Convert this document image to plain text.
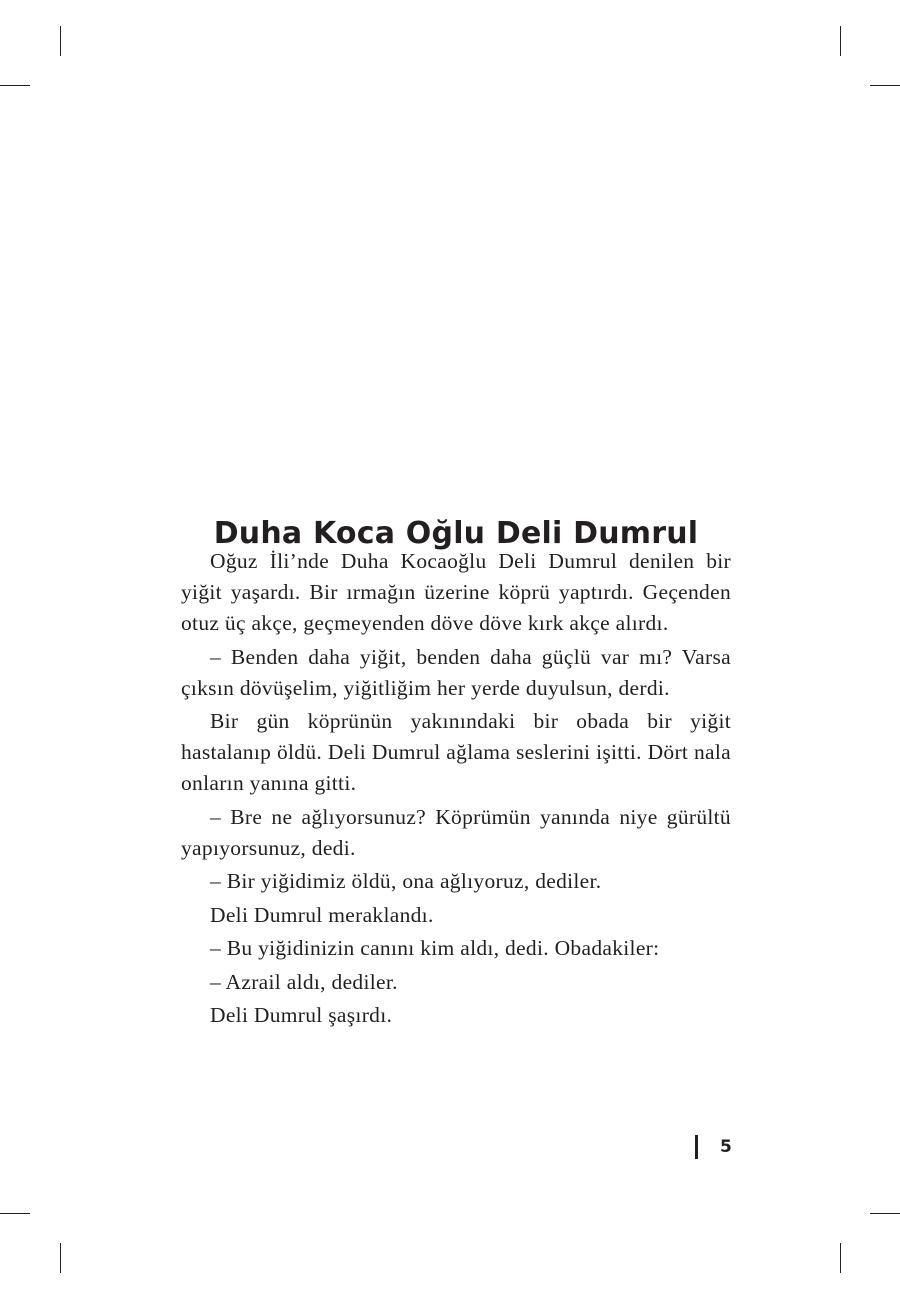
Duha Koca Oğlu Deli Dumrul

Oğuz İli’nde Duha Kocaoğlu Deli Dumrul denilen bir yiğit yaşardı. Bir ırmağın üzerine köprü yaptırdı. Geçenden otuz üç akçe, geçmeyenden döve döve kırk akçe alırdı.

– Benden daha yiğit, benden daha güçlü var mı? Varsa çıksın dövüşelim, yiğitliğim her yerde duyulsun, derdi.

Bir gün köprünün yakınındaki bir obada bir yiğit hastalanıp öldü. Deli Dumrul ağlama seslerini işitti. Dört nala onların yanına gitti.

– Bre ne ağlıyorsunuz? Köprümün yanında niye gürültü yapıyorsunuz, dedi.

– Bir yiğidimiz öldü, ona ağlıyoruz, dediler.

Deli Dumrul meraklandı.

– Bu yiğidinizin canını kim aldı, dedi. Obadakiler:

– Azrail aldı, dediler.

Deli Dumrul şaşırdı.

5
